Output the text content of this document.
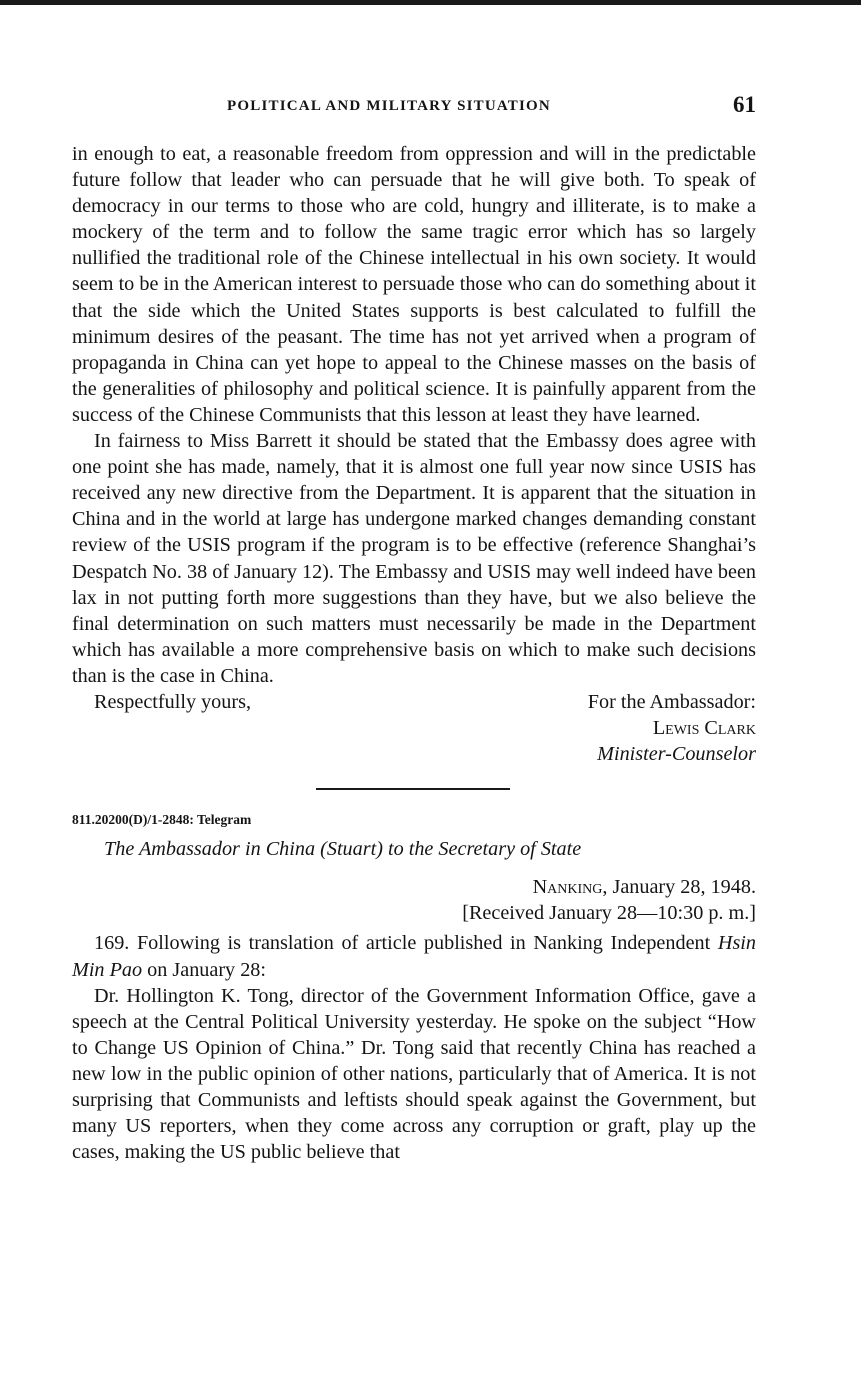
POLITICAL AND MILITARY SITUATION	61

in enough to eat, a reasonable freedom from oppression and will in the predictable future follow that leader who can persuade that he will give both. To speak of democracy in our terms to those who are cold, hungry and illiterate, is to make a mockery of the term and to follow the same tragic error which has so largely nullified the traditional role of the Chinese intellectual in his own society. It would seem to be in the American interest to persuade those who can do something about it that the side which the United States supports is best calculated to fulfill the minimum desires of the peasant. The time has not yet arrived when a program of propaganda in China can yet hope to appeal to the Chinese masses on the basis of the generalities of philosophy and political science. It is painfully apparent from the success of the Chinese Communists that this lesson at least they have learned.

In fairness to Miss Barrett it should be stated that the Embassy does agree with one point she has made, namely, that it is almost one full year now since USIS has received any new directive from the Department. It is apparent that the situation in China and in the world at large has undergone marked changes demanding constant review of the USIS program if the program is to be effective (reference Shanghai’s Despatch No. 38 of January 12). The Embassy and USIS may well indeed have been lax in not putting forth more suggestions than they have, but we also believe the final determination on such matters must necessarily be made in the Department which has available a more comprehensive basis on which to make such decisions than is the case in China.

Respectfully yours,	For the Ambassador:
Lewis Clark
Minister-Counselor
811.20200(D)/1-2848: Telegram
The Ambassador in China (Stuart) to the Secretary of State
Nanking, January 28, 1948.
[Received January 28—10:30 p. m.]

169. Following is translation of article published in Nanking Independent Hsin Min Pao on January 28:

Dr. Hollington K. Tong, director of the Government Information Office, gave a speech at the Central Political University yesterday. He spoke on the subject “How to Change US Opinion of China.” Dr. Tong said that recently China has reached a new low in the public opinion of other nations, particularly that of America. It is not surprising that Communists and leftists should speak against the Government, but many US reporters, when they come across any corruption or graft, play up the cases, making the US public believe that
